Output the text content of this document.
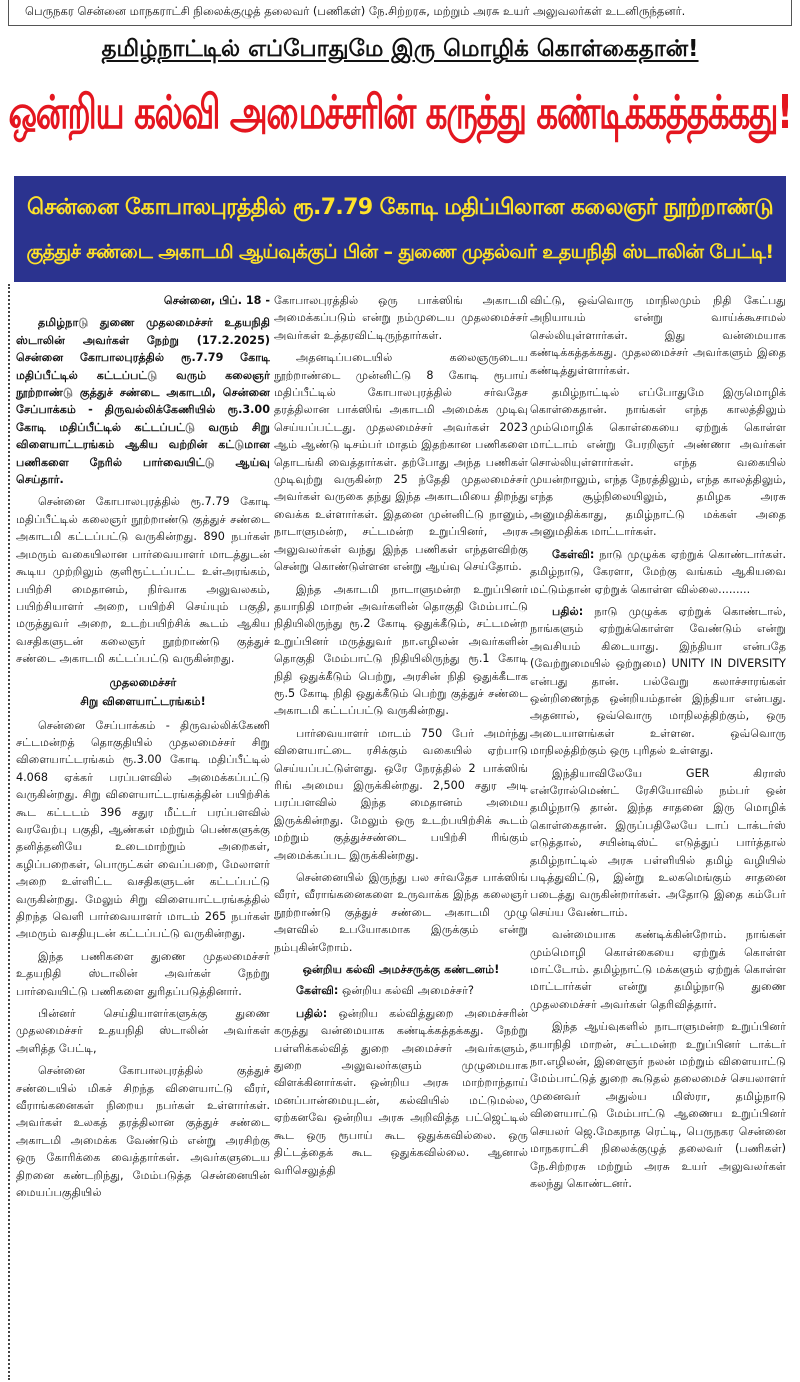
பெருநகர சென்னை மாநகராட்சி நிலைக்குழுத் தலைவர் (பணிகள்) நே.சிற்றரசு, மற்றும் அரசு உயர் அலுவலர்கள் உடனிருந்தனர்.
தமிழ்நாட்டில் எப்போதுமே இரு மொழிக் கொள்கைதான்!
ஒன்றிய கல்வி அமைச்சரின் கருத்து கண்டிக்கத்தக்கது!
சென்னை கோபாலபுரத்தில் ரூ.7.79 கோடி மதிப்பிலான கலைஞர் நூற்றாண்டு
குத்துச் சண்டை அகாடமி ஆய்வுக்குப் பின் – துணை முதல்வர் உதயநிதி ஸ்டாலின் பேட்டி!

சென்னை, பிப். 18 -

தமிழ்நாடு துணை முதலமைச்சர் உதயநிதி ஸ்டாலின் அவர்கள் நேற்று (17.2.2025) சென்னை கோபாலபுரத்தில் ரூ.7.79 கோடி மதிப்பீட்டில் கட்டப்பட்டு வரும் கலைஞர் நூற்றாண்டு குத்துச் சண்டை அகாடமி, சென்னை சேப்பாக்கம் - திருவல்லிக்கேணியில் ரூ.3.00 கோடி மதிப்பீட்டில் கட்டப்பட்டு வரும் சிறு விளையாட்டரங்கம் ஆகிய வற்றின் கட்டுமான பணிகளை நேரில் பார்வையிட்டு ஆய்வு செய்தார்.

சென்னை கோபாலபுரத்தில் ரூ.7.79 கோடி மதிப்பீட்டில் கலைஞர் நூற்றாண்டு குத்துச் சண்டை அகாடமி கட்டப்பட்டு வருகின்றது. 890 நபர்கள் அமரும் வகையிலான பார்வையாளர் மாடத்துடன் கூடிய முற்றிலும் குளிரூட்டப்பட்ட உள்அரங்கம், பயிற்சி மைதானம், நிர்வாக அலுவலகம், பயிற்சியாளர் அறை, பயிற்சி செய்யும் பகுதி, மருத்துவர் அறை, உடற்பயிற்சிக் கூடம் ஆகிய வசதிகளுடன் கலைஞர் நூற்றாண்டு குத்துச் சண்டை அகாடமி கட்டப்பட்டு வருகின்றது.

முதலமைச்சர்
சிறு விளையாட்டரங்கம்!

சென்னை சேப்பாக்கம் - திருவல்லிக்கேணி சட்டமன்றத் தொகுதியில் முதலமைச்சர் சிறு விளையாட்டரங்கம் ரூ.3.00 கோடி மதிப்பீட்டில் 4.068 ஏக்கர் பரப்பளவில் அமைக்கப்பட்டு வருகின்றது. சிறு விளையாட்டரங்கத்தின் பயிற்சிக் கூட கட்டடம் 396 சதுர மீட்டர் பரப்பளவில் வரவேற்பு பகுதி, ஆண்கள் மற்றும் பெண்களுக்கு தனித்தனியே உடைமாற்றும் அறைகள், கழிப்பறைகள், பொருட்கள் வைப்பறை, மேலாளர் அறை உள்ளிட்ட வசதிகளுடன் கட்டப்பட்டு வருகின்றது. மேலும் சிறு விளையாட்டரங்கத்தில் திறந்த வெளி பார்வையாளர் மாடம் 265 நபர்கள் அமரும் வசதியுடன் கட்டப்பட்டு வருகின்றது.

இந்த பணிகளை துணை முதலமைச்சர் உதயநிதி ஸ்டாலின் அவர்கள் நேற்று பார்வையிட்டு பணிகளை துரிதப்படுத்தினார்.

பின்னர் செய்தியாளர்களுக்கு துணை முதலமைச்சர் உதயநிதி ஸ்டாலின் அவர்கள் அளித்த பேட்டி,

சென்னை கோபாலபுரத்தில் குத்துச் சண்டையில் மிகச் சிறந்த விளையாட்டு வீரர், வீராங்கனைகள் நிறைய நபர்கள் உள்ளார்கள். அவர்கள் உலகத் தரத்திலான குத்துச் சண்டை அகாடமி அமைக்க வேண்டும் என்று அரசிற்கு ஒரு கோரிக்கை வைத்தார்கள். அவர்களுடைய திறனை கண்டறிந்து, மேம்படுத்த சென்னையின் மையப்பகுதியில்

கோபாலபுரத்தில் ஒரு பாக்ஸிங் அகாடமி அமைக்கப்படும் என்று நம்முடைய முதலமைச்சர் அவர்கள் உத்தரவிட்டிருந்தார்கள்.

அதனடிப்படையில் கலைஞருடைய நூற்றாண்டை முன்னிட்டு 8 கோடி ரூபாய் மதிப்பீட்டில் கோபாலபுரத்தில் சர்வதேச தரத்திலான பாக்ஸிங் அகாடமி அமைக்க முடிவு செய்யப்பட்டது. முதலமைச்சர் அவர்கள் 2023 ஆம் ஆண்டு டிசம்பர் மாதம் இதற்கான பணிகளை தொடங்கி வைத்தார்கள். தற்போது அந்த பணிகள் முடிவுற்று வருகின்ற 25 ந்தேதி முதலமைச்சர் அவர்கள் வருகை தந்து இந்த அகாடமியை திறந்து வைக்க உள்ளார்கள். இதனை முன்னிட்டு நானும், நாடாளுமன்ற, சட்டமன்ற உறுப்பினர், அரசு அலுவலர்கள் வந்து இந்த பணிகள் எந்தளவிற்கு சென்று கொண்டுள்ளன என்று ஆய்வு செய்தோம்.

இந்த அகாடமி நாடாளுமன்ற உறுப்பினர் தயாநிதி மாறன் அவர்களின் தொகுதி மேம்பாட்டு நிதியிலிருந்து ரூ.2 கோடி ஒதுக்கீடும், சட்டமன்ற உறுப்பினர் மருத்துவர் நா.எழிலன் அவர்களின் தொகுதி மேம்பாட்டு நிதியிலிருந்து ரூ.1 கோடி நிதி ஒதுக்கீடும் பெற்று, அரசின் நிதி ஒதுக்கீடாக ரூ.5 கோடி நிதி ஒதுக்கீடும் பெற்று குத்துச் சண்டை அகாடமி கட்டப்பட்டு வருகின்றது.

பார்வையாளர் மாடம் 750 பேர் அமர்ந்து விளையாட்டை ரசிக்கும் வகையில் ஏற்பாடு செய்யப்பட்டுள்ளது. ஒரே நேரத்தில் 2 பாக்ஸிங் ரிங் அமைய இருக்கின்றது. 2,500 சதுர அடி பரப்பளவில் இந்த மைதானம் அமைய இருக்கின்றது. மேலும் ஒரு உடற்பயிற்சிக் கூடம் மற்றும் குத்துச்சண்டை பயிற்சி ரிங்கும் அமைக்கப்பட இருக்கின்றது.

சென்னையில் இருந்து பல சர்வதேச பாக்ஸிங் வீரர், வீராங்கனைகளை உருவாக்க இந்த கலைஞர் நூற்றாண்டு குத்துச் சண்டை அகாடமி முழு அளவில் உபயோகமாக இருக்கும் என்று நம்புகின்றோம்.

ஒன்றிய கல்வி அமச்சருக்கு கண்டனம்!

கேள்வி: ஒன்றிய கல்வி அமைச்சர்?

பதில்: ஒன்றிய கல்வித்துறை அமைச்சரின் கருத்து வன்மையாக கண்டிக்கத்தக்கது. நேற்று பள்ளிக்கல்வித் துறை அமைச்சர் அவர்களும், துறை அலுவலர்களும் முழுமையாக விளக்கினார்கள். ஒன்றிய அரசு மாற்றாந்தாய் மனப்பான்மையுடன், கல்வியில் மட்டுமல்ல, ஏற்கனவே ஒன்றிய அரசு அறிவித்த பட்ஜெட்டில் கூட ஒரு ரூபாய் கூட ஒதுக்கவில்லை. ஒரு திட்டத்தைக் கூட ஒதுக்கவில்லை. ஆனால் வரிசெலுத்தி

விட்டு, ஒவ்வொரு மாநிலமும் நிதி கேட்பது அநியாயம் என்று வாய்க்கூசாமல் செல்லியுள்ளார்கள். இது வன்மையாக கண்டிக்கத்தக்கது. முதலமைச்சர் அவர்களும் இதை கண்டித்துள்ளார்கள்.

தமிழ்நாட்டில் எப்போதுமே இருமொழிக் கொள்கைதான். நாங்கள் எந்த காலத்திலும் மும்மொழிக் கொள்கையை ஏற்றுக் கொள்ள மாட்டாம் என்று பேரறிஞர் அண்ணா அவர்கள் சொல்லியுள்ளார்கள். எந்த வகையில் முயன்றாலும், எந்த நேரத்திலும், எந்த காலத்திலும், எந்த சூழ்நிலையிலும், தமிழக அரசு அனுமதிக்காது, தமிழ்நாட்டு மக்கள் அதை அனுமதிக்க மாட்டார்கள்.

கேள்வி: நாடு முழுக்க ஏற்றுக் கொண்டார்கள். தமிழ்நாடு, கேரளா, மேற்கு வங்கம் ஆகியவை மட்டும்தான் ஏற்றுக் கொள்ள வில்லை.........

பதில்: நாடு முழுக்க ஏற்றுக் கொண்டால், நாங்களும் ஏற்றுக்கொள்ள வேண்டும் என்று அவசியம் கிடையாது. இந்தியா என்பதே (வேற்றுமையில் ஒற்றுமை) UNITY IN DIVERSITY என்பது தான். பல்வேறு கலாச்சாரங்கள் ஒன்றிணைந்த ஒன்றியம்தான் இந்தியா என்பது. அதனால், ஒவ்வொரு மாநிலத்திற்கும், ஒரு அடையாளங்கள் உள்ளன. ஒவ்வொரு மாநிலத்திற்கும் ஒரு புரிதல் உள்ளது.

இந்தியாவிலேயே GER கிராஸ் என்ரோல்மெண்ட் ரேசியோவில் நம்பர் ஒன் தமிழ்நாடு தான். இந்த சாதனை இரு மொழிக் கொள்கைதான். இருப்பதிலேயே டாப் டாக்டர்ஸ் எடுத்தால், சயின்டிஸ்ட் எடுத்துப் பார்த்தால் தமிழ்நாட்டில் அரசு பள்ளியில் தமிழ் வழியில் படித்துவிட்டு, இன்று உலகமெங்கும் சாதனை படைத்து வருகின்றார்கள். அதோடு இதை கம்பேர் செய்ய வேண்டாம்.

வன்மையாக கண்டிக்கின்றோம். நாங்கள் மும்மொழி கொள்கையை ஏற்றுக் கொள்ள மாட்டோம். தமிழ்நாட்டு மக்களும் ஏற்றுக் கொள்ள மாட்டார்கள் என்று தமிழ்நாடு துணை முதலமைச்சர் அவர்கள் தெரிவித்தார்.

இந்த ஆய்வுகளில் நாடாளுமன்ற உறுப்பினர் தயாநிதி மாறன், சட்டமன்ற உறுப்பினர் டாக்டர் நா.எழிலன், இளைஞர் நலன் மற்றும் விளையாட்டு மேம்பாட்டுத் துறை கூடுதல் தலைமைச் செயலாளர் முனைவர் அதுல்ய மிஸ்ரா, தமிழ்நாடு விளையாட்டு மேம்பாட்டு ஆணைய உறுப்பினர் செயலர் ஜெ.மேகநாத ரெட்டி, பெருநகர சென்னை மாநகராட்சி நிலைக்குழுத் தலைவர் (பணிகள்) நே.சிற்றரசு மற்றும் அரசு உயர் அலுவலர்கள் கலந்து கொண்டனர்.
